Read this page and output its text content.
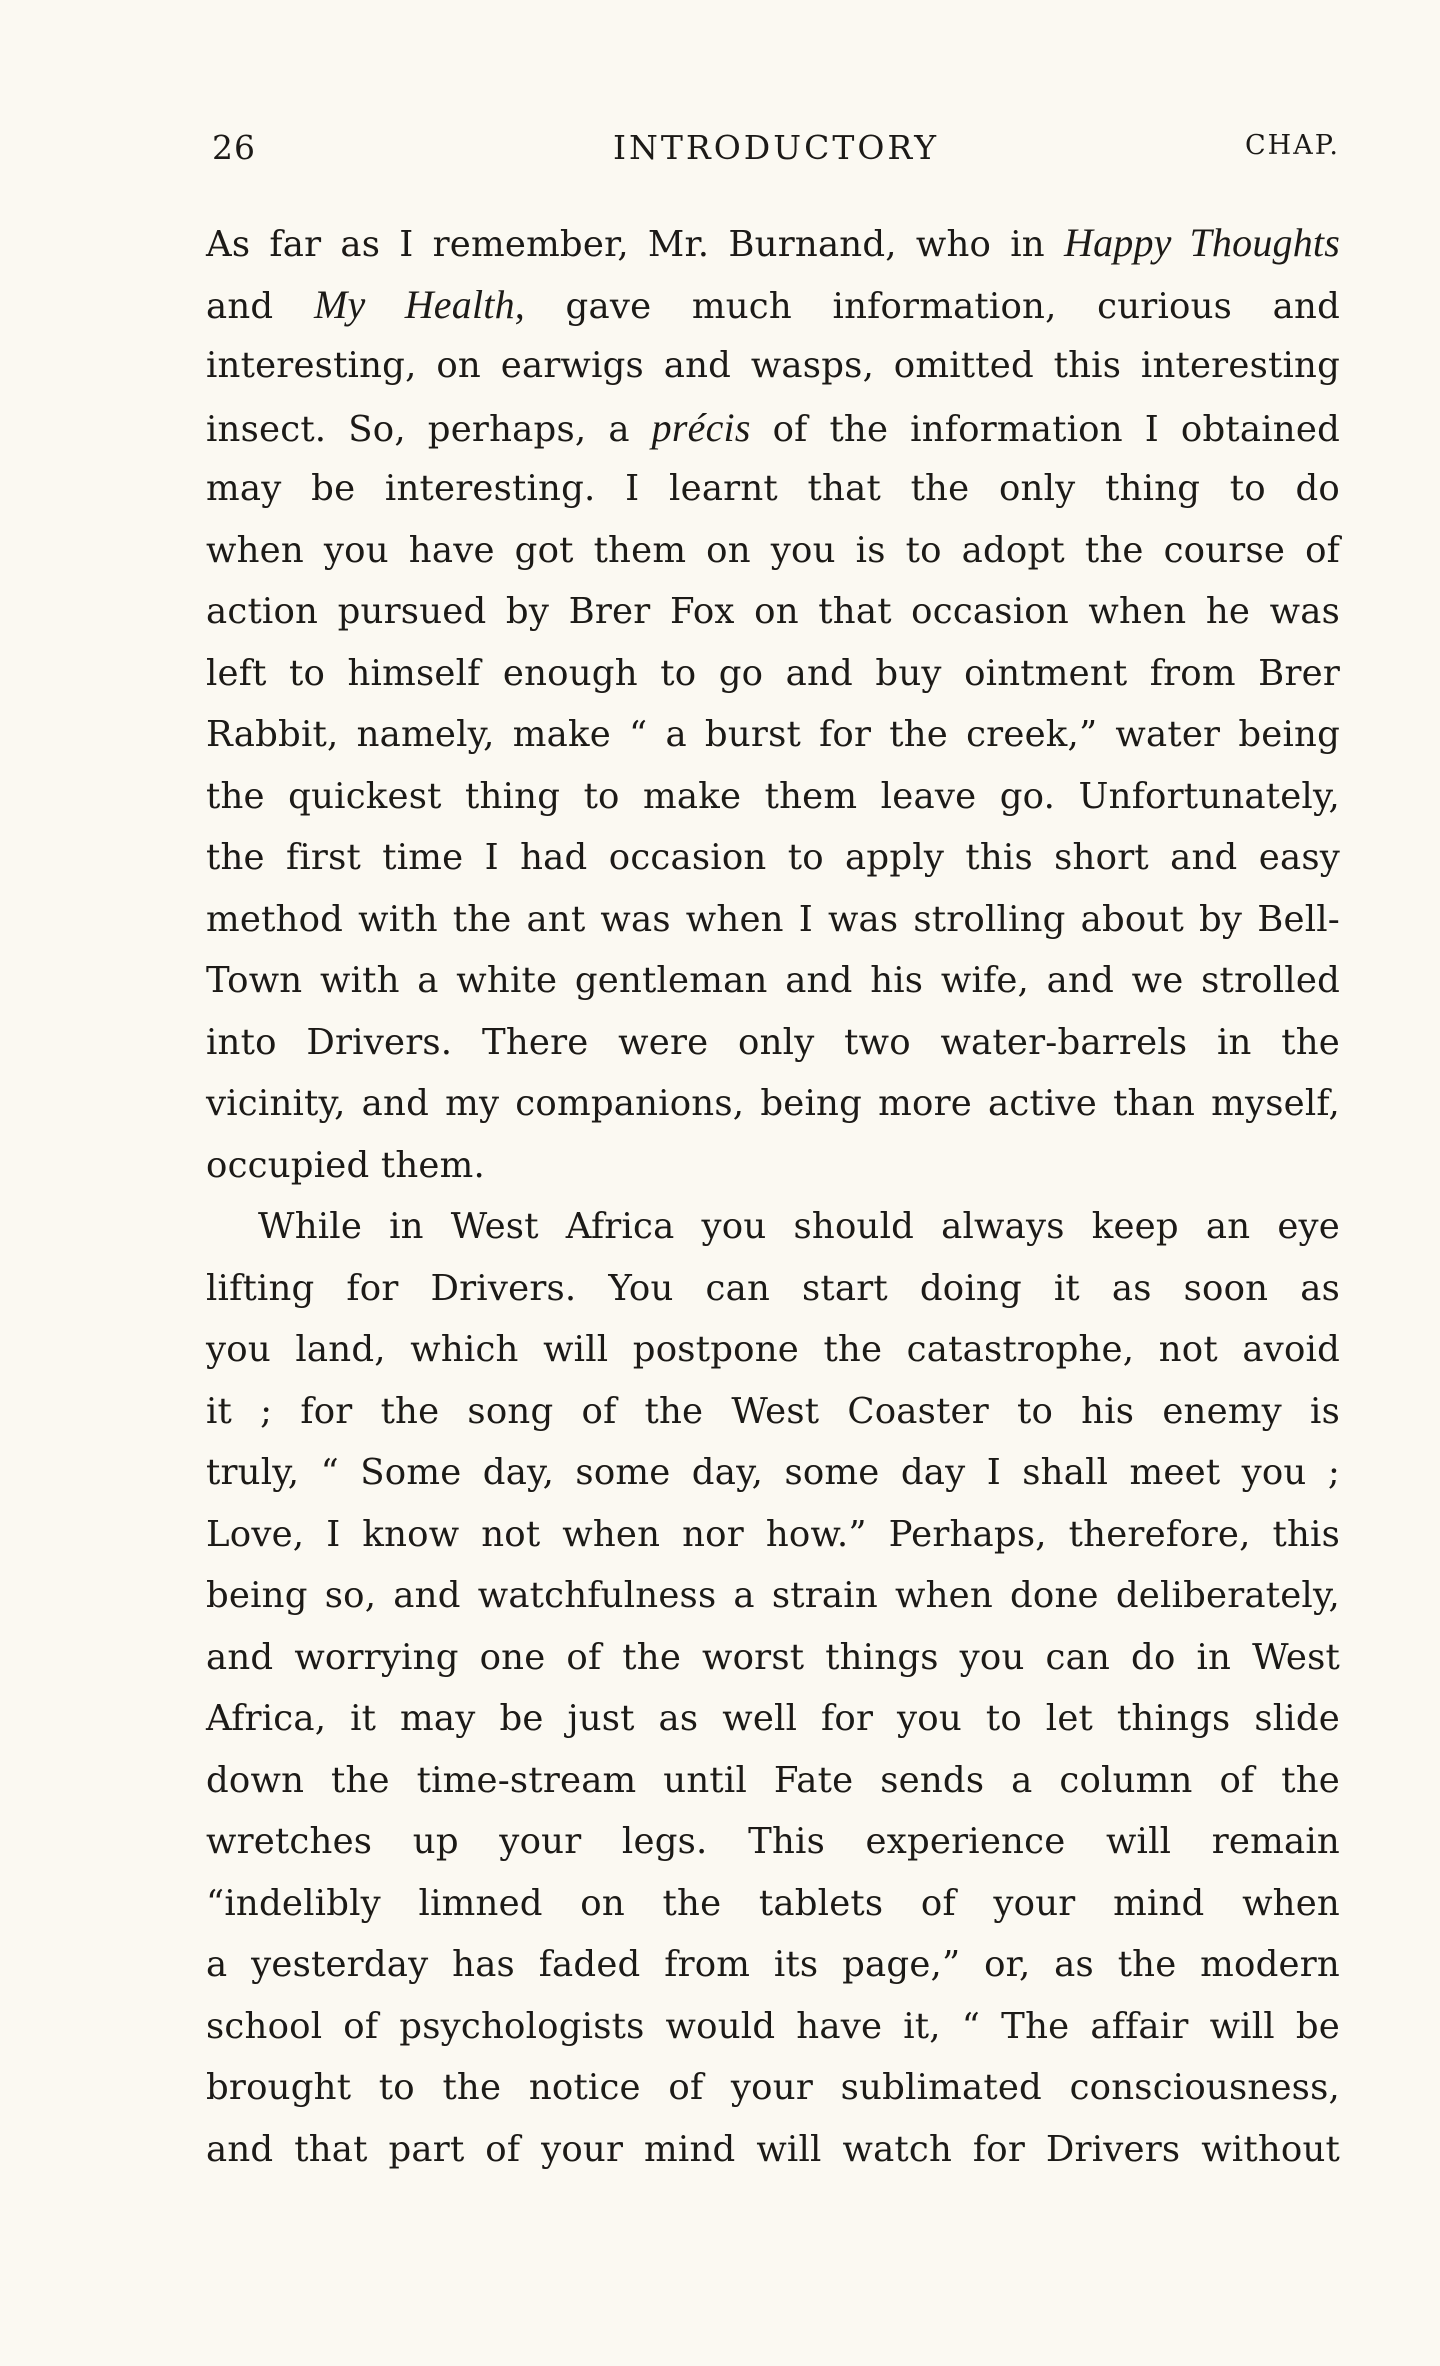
26	INTRODUCTORY	CHAP.
As far as I remember, Mr. Burnand, who in Happy Thoughts
and My Health, gave much information, curious and
interesting, on earwigs and wasps, omitted this interesting
insect. So, perhaps, a précis of the information I obtained
may be interesting. I learnt that the only thing to do
when you have got them on you is to adopt the course of
action pursued by Brer Fox on that occasion when he was
left to himself enough to go and buy ointment from Brer
Rabbit, namely, make “ a burst for the creek,” water being
the quickest thing to make them leave go. Unfortunately,
the first time I had occasion to apply this short and easy
method with the ant was when I was strolling about by Bell-
Town with a white gentleman and his wife, and we strolled
into Drivers. There were only two water-barrels in the
vicinity, and my companions, being more active than myself,
occupied them.
While in West Africa you should always keep an eye
lifting for Drivers. You can start doing it as soon as
you land, which will postpone the catastrophe, not avoid
it ; for the song of the West Coaster to his enemy is
truly, “ Some day, some day, some day I shall meet you ;
Love, I know not when nor how.” Perhaps, therefore, this
being so, and watchfulness a strain when done deliberately,
and worrying one of the worst things you can do in West
Africa, it may be just as well for you to let things slide
down the time-stream until Fate sends a column of the
wretches up your legs. This experience will remain
“indelibly limned on the tablets of your mind when
a yesterday has faded from its page,” or, as the modern
school of psychologists would have it, “ The affair will be
brought to the notice of your sublimated consciousness,
and that part of your mind will watch for Drivers without
